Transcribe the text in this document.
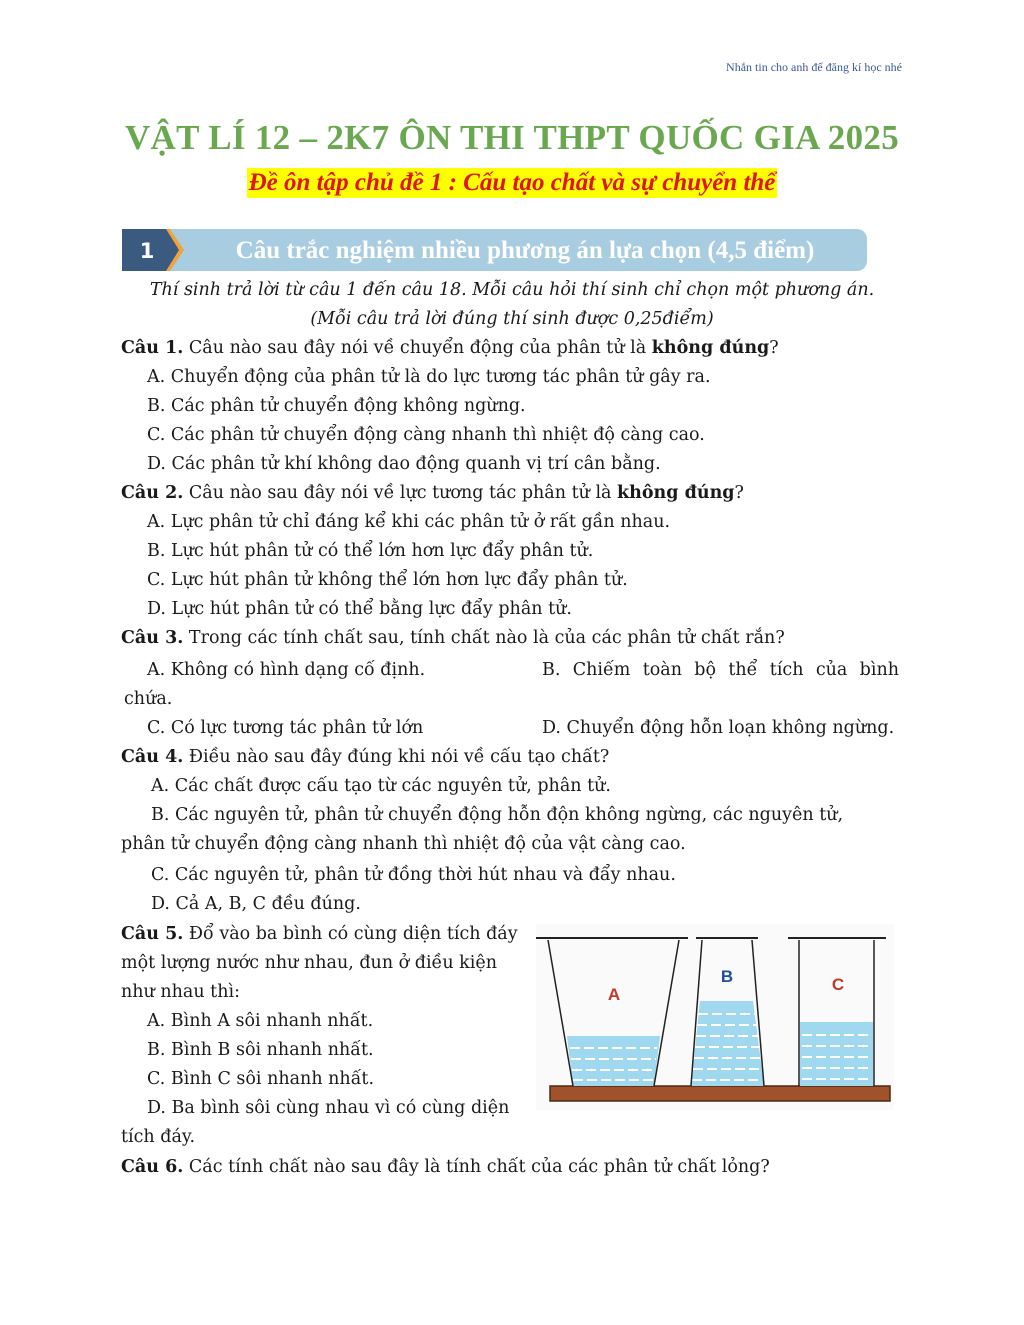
Nhắn tin cho anh để đăng kí học nhé
VẬT LÍ 12 – 2K7 ÔN THI THPT QUỐC GIA 2025
Đề ôn tập chủ đề 1 : Cấu tạo chất và sự chuyển thể
1	Câu trắc nghiệm nhiều phương án lựa chọn (4,5 điểm)
Thí sinh trả lời từ câu 1 đến câu 18. Mỗi câu hỏi thí sinh chỉ chọn một phương án.
(Mỗi câu trả lời đúng thí sinh được 0,25điểm)
Câu 1. Câu nào sau đây nói về chuyển động của phân tử là không đúng?
A. Chuyển động của phân tử là do lực tương tác phân tử gây ra.
B. Các phân tử chuyển động không ngừng.
C. Các phân tử chuyển động càng nhanh thì nhiệt độ càng cao.
D. Các phân tử khí không dao động quanh vị trí cân bằng.
Câu 2. Câu nào sau đây nói về lực tương tác phân tử là không đúng?
A. Lực phân tử chỉ đáng kể khi các phân tử ở rất gần nhau.
B. Lực hút phân tử có thể lớn hơn lực đẩy phân tử.
C. Lực hút phân tử không thể lớn hơn lực đẩy phân tử.
D. Lực hút phân tử có thể bằng lực đẩy phân tử.
Câu 3. Trong các tính chất sau, tính chất nào là của các phân tử chất rắn?
A. Không có hình dạng cố định.	B. Chiếm toàn bộ thể tích của bình
chứa.
C. Có lực tương tác phân tử lớn	D. Chuyển động hỗn loạn không ngừng.
Câu 4. Điều nào sau đây đúng khi nói về cấu tạo chất?
A. Các chất được cấu tạo từ các nguyên tử, phân tử.
B. Các nguyên tử, phân tử chuyển động hỗn độn không ngừng, các nguyên tử,
phân tử chuyển động càng nhanh thì nhiệt độ của vật càng cao.
C. Các nguyên tử, phân tử đồng thời hút nhau và đẩy nhau.
D. Cả A, B, C đều đúng.
Câu 5. Đổ vào ba bình có cùng diện tích đáy
một lượng nước như nhau, đun ở điều kiện
như nhau thì:
A. Bình A sôi nhanh nhất.
B. Bình B sôi nhanh nhất.
C. Bình C sôi nhanh nhất.
D. Ba bình sôi cùng nhau vì có cùng diện
tích đáy.
A
B	C
Câu 6. Các tính chất nào sau đây là tính chất của các phân tử chất lỏng?
